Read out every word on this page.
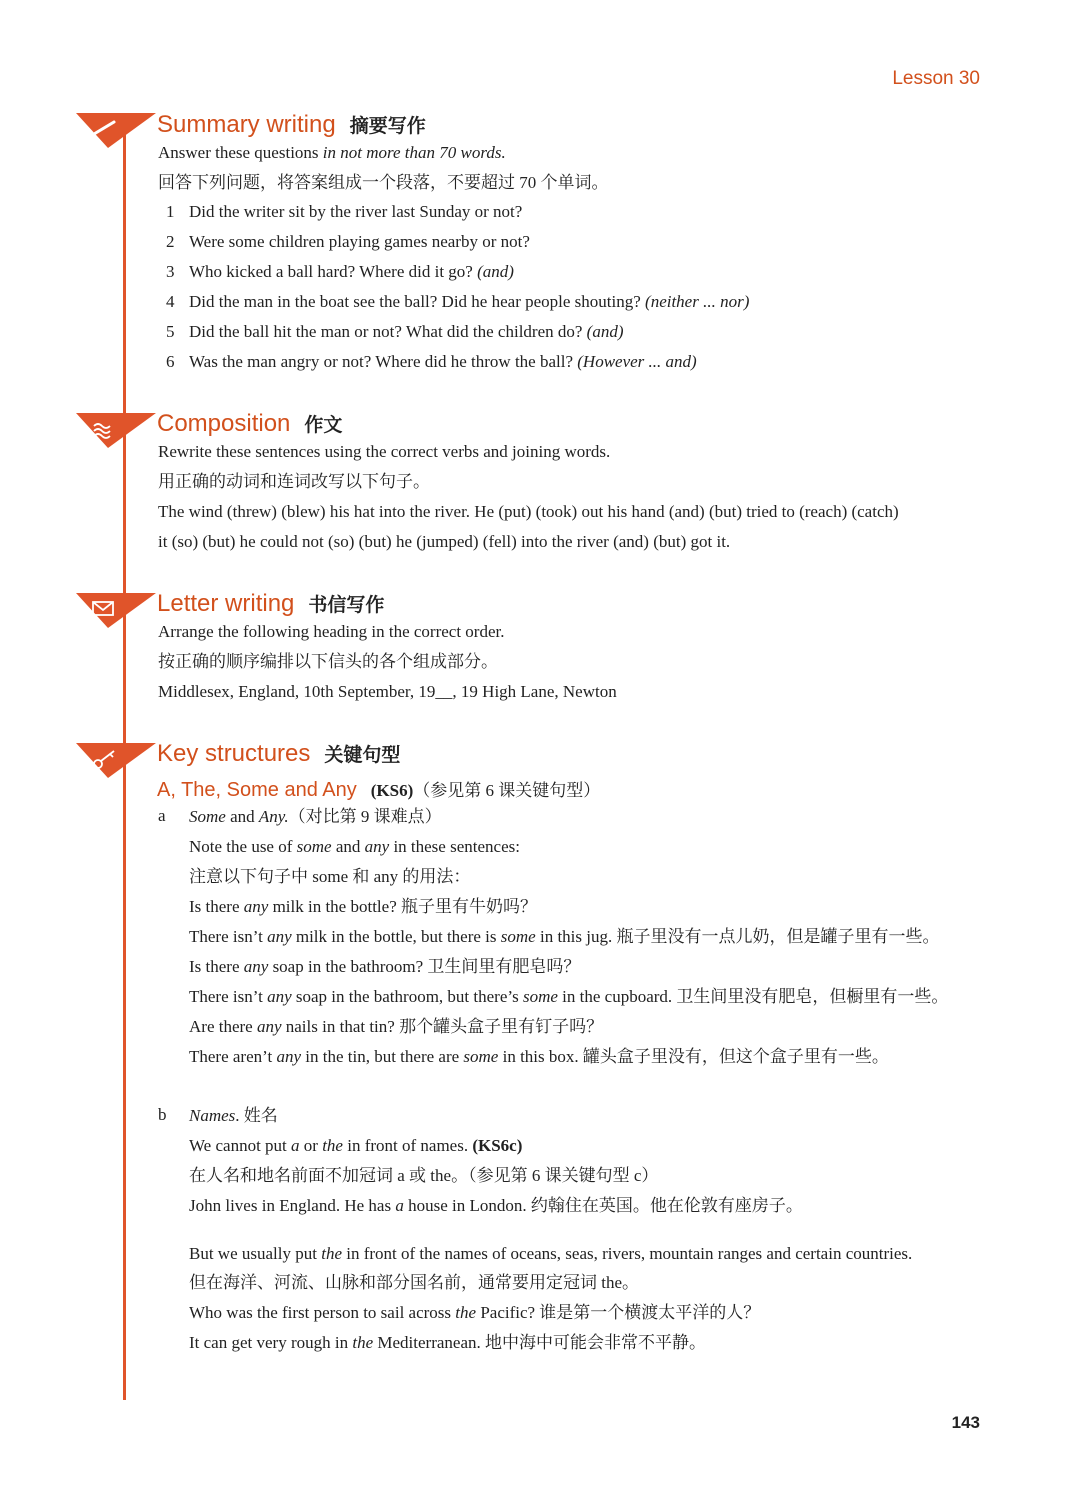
Lesson 30
Summary writing 摘要写作
Answer these questions in not more than 70 words.
回答下列问题，将答案组成一个段落，不要超过 70 个单词。
1 Did the writer sit by the river last Sunday or not?
2 Were some children playing games nearby or not?
3 Who kicked a ball hard? Where did it go? (and)
4 Did the man in the boat see the ball? Did he hear people shouting? (neither ... nor)
5 Did the ball hit the man or not? What did the children do? (and)
6 Was the man angry or not? Where did he throw the ball? (However ... and)
Composition 作文
Rewrite these sentences using the correct verbs and joining words.
用正确的动词和连词改写以下句子。
The wind (threw) (blew) his hat into the river. He (put) (took) out his hand (and) (but) tried to (reach) (catch)
it (so) (but) he could not (so) (but) he (jumped) (fell) into the river (and) (but) got it.
Letter writing 书信写作
Arrange the following heading in the correct order.
按正确的顺序编排以下信头的各个组成部分。
Middlesex, England, 10th September, 19__, 19 High Lane, Newton
Key structures 关键句型
A, The, Some and Any (KS6)（参见第 6 课关键句型）
a Some and Any.（对比第 9 课难点）
Note the use of some and any in these sentences:
注意以下句子中 some 和 any 的用法：
Is there any milk in the bottle? 瓶子里有牛奶吗？
There isn’t any milk in the bottle, but there is some in this jug. 瓶子里没有一点儿奶，但是罐子里有一些。
Is there any soap in the bathroom? 卫生间里有肥皂吗？
There isn’t any soap in the bathroom, but there’s some in the cupboard. 卫生间里没有肥皂，但橱里有一些。
Are there any nails in that tin? 那个罐头盒子里有钉子吗？
There aren’t any in the tin, but there are some in this box. 罐头盒子里没有，但这个盒子里有一些。
b Names. 姓名
We cannot put a or the in front of names. (KS6c)
在人名和地名前面不加冠词 a 或 the。（参见第 6 课关键句型 c）
John lives in England. He has a house in London. 约翰住在英国。他在伦敦有座房子。
But we usually put the in front of the names of oceans, seas, rivers, mountain ranges and certain countries.
但在海洋、河流、山脉和部分国名前，通常要用定冠词 the。
Who was the first person to sail across the Pacific? 谁是第一个横渡太平洋的人？
It can get very rough in the Mediterranean. 地中海中可能会非常不平静。
143
